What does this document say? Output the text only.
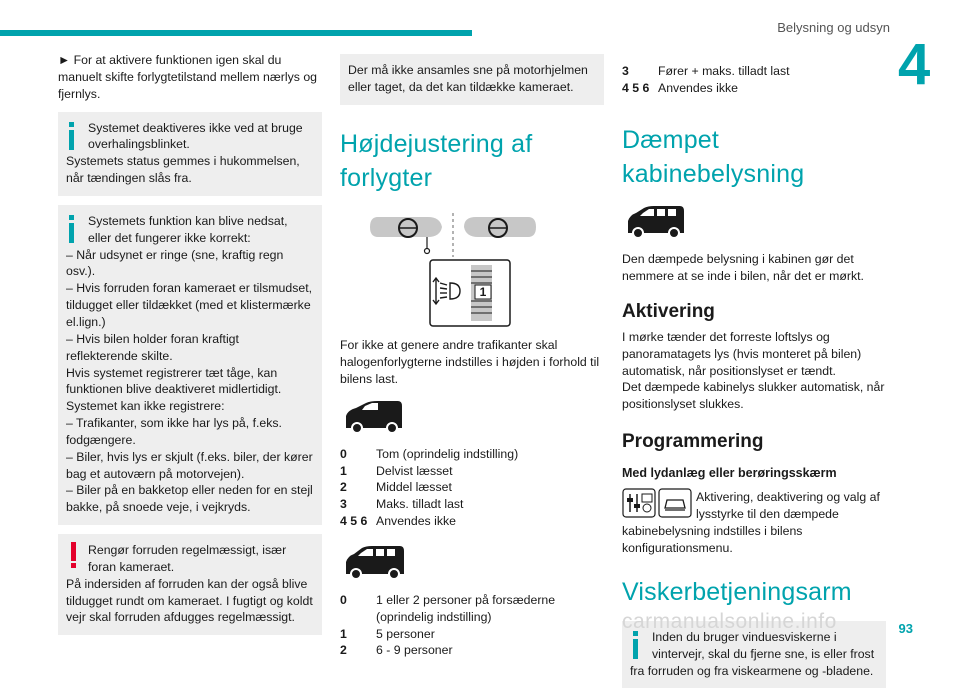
Belysning og udsyn
4

► For at aktivere funktionen igen skal du manuelt skifte forlygtetilstand mellem nærlys og fjernlys.

Systemet deaktiveres ikke ved at bruge overhalingsblinket.

Systemets status gemmes i hukommelsen, når tændingen slås fra.

Systemets funktion kan blive nedsat, eller det fungerer ikke korrekt:

– Når udsynet er ringe (sne, kraftig regn osv.).

– Hvis forruden foran kameraet er tilsmudset, tildugget eller tildækket (med et klistermærke el.lign.)

– Hvis bilen holder foran kraftigt reflekterende skilte.

Hvis systemet registrerer tæt tåge, kan funktionen blive deaktiveret midlertidigt.

Systemet kan ikke registrere:

– Trafikanter, som ikke har lys på, f.eks. fodgængere.

– Biler, hvis lys er skjult (f.eks. biler, der kører bag et autoværn på motorvejen).

– Biler på en bakketop eller neden for en stejl bakke, på snoede veje, i vejkryds.

Rengør forruden regelmæssigt, især foran kameraet.

På indersiden af forruden kan der også blive tildugget rundt om kameraet. I fugtigt og koldt vejr skal forruden afdugges regelmæssigt.

Der må ikke ansamles sne på motorhjelmen eller taget, da det kan tildække kameraet.

Højdejustering af forlygter
1

For ikke at genere andre trafikanter skal halogenforlygterne indstilles i højden i forhold til bilens last.

0	Tom (oprindelig indstilling)
1	Delvist læsset
2	Middel læsset
3	Maks. tilladt last
4 5 6 Anvendes ikke
0	1 eller 2 personer på forsæderne (oprindelig indstilling)
1	5 personer
2	6 - 9 personer
3	Fører + maks. tilladt last
4 5 6 Anvendes ikke
Dæmpet kabinebelysning

Den dæmpede belysning i kabinen gør det nemmere at se inde i bilen, når det er mørkt.

Aktivering

I mørke tænder det forreste loftslys og panoramatagets lys (hvis monteret på bilen) automatisk, når positionslyset er tændt.

Det dæmpede kabinelys slukker automatisk, når positionslyset slukkes.

Programmering
Med lydanlæg eller berøringsskærm

Aktivering, deaktivering og valg af lysstyrke til den dæmpede

kabinebelysning indstilles i bilens konfigurationsmenu.

Viskerbetjeningsarm

Inden du bruger vinduesviskerne i vintervejr, skal du fjerne sne, is eller frost

fra forruden og fra viskearmene og -bladene.

carmanualsonline.info	93
